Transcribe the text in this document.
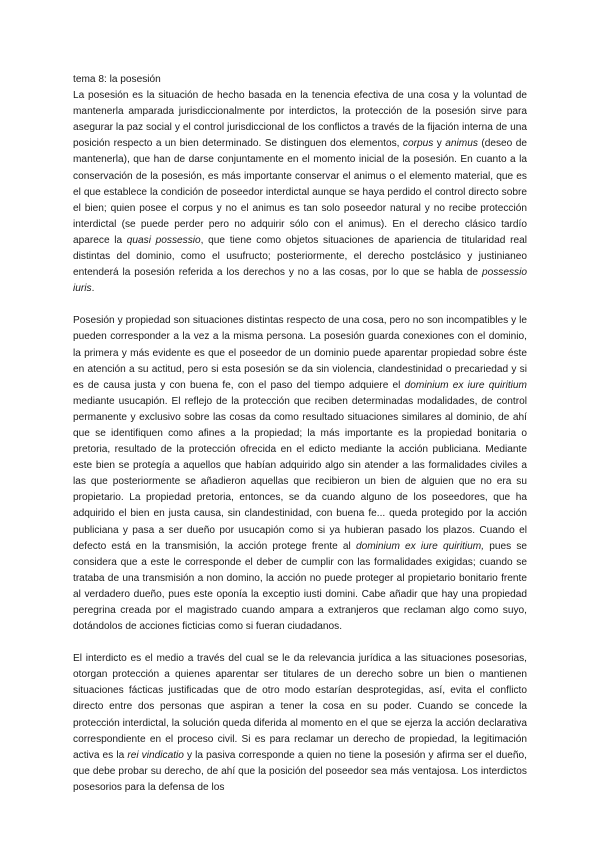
tema 8: la posesión

La posesión es la situación de hecho basada en la tenencia efectiva de una cosa y la voluntad de mantenerla amparada jurisdiccionalmente por interdictos, la protección de la posesión sirve para asegurar la paz social y el control jurisdiccional de los conflictos a través de la fijación interna de una posición respecto a un bien determinado. Se distinguen dos elementos, corpus y animus (deseo de mantenerla), que han de darse conjuntamente en el momento inicial de la posesión. En cuanto a la conservación de la posesión, es más importante conservar el animus o el elemento material, que es el que establece la condición de poseedor interdictal aunque se haya perdido el control directo sobre el bien; quien posee el corpus y no el animus es tan solo poseedor natural y no recibe protección interdictal (se puede perder pero no adquirir sólo con el animus). En el derecho clásico tardío aparece la quasi possessio, que tiene como objetos situaciones de apariencia de titularidad real distintas del dominio, como el usufructo; posteriormente, el derecho postclásico y justinianeo entenderá la posesión referida a los derechos y no a las cosas, por lo que se habla de possessio iuris.

Posesión y propiedad son situaciones distintas respecto de una cosa, pero no son incompatibles y le pueden corresponder a la vez a la misma persona. La posesión guarda conexiones con el dominio, la primera y más evidente es que el poseedor de un dominio puede aparentar propiedad sobre éste en atención a su actitud, pero si esta posesión se da sin violencia, clandestinidad o precariedad y si es de causa justa y con buena fe, con el paso del tiempo adquiere el dominium ex iure quiritium mediante usucapión. El reflejo de la protección que reciben determinadas modalidades, de control permanente y exclusivo sobre las cosas da como resultado situaciones similares al dominio, de ahí que se identifiquen como afines a la propiedad; la más importante es la propiedad bonitaria o pretoria, resultado de la protección ofrecida en el edicto mediante la acción publiciana. Mediante este bien se protegía a aquellos que habían adquirido algo sin atender a las formalidades civiles a las que posteriormente se añadieron aquellas que recibieron un bien de alguien que no era su propietario. La propiedad pretoria, entonces, se da cuando alguno de los poseedores, que ha adquirido el bien en justa causa, sin clandestinidad, con buena fe... queda protegido por la acción publiciana y pasa a ser dueño por usucapión como si ya hubieran pasado los plazos. Cuando el defecto está en la transmisión, la acción protege frente al dominium ex iure quiritium, pues se considera que a este le corresponde el deber de cumplir con las formalidades exigidas; cuando se trataba de una transmisión a non domino, la acción no puede proteger al propietario bonitario frente al verdadero dueño, pues este oponía la exceptio iusti domini. Cabe añadir que hay una propiedad peregrina creada por el magistrado cuando ampara a extranjeros que reclaman algo como suyo, dotándolos de acciones ficticias como si fueran ciudadanos.

El interdicto es el medio a través del cual se le da relevancia jurídica a las situaciones posesorias, otorgan protección a quienes aparentar ser titulares de un derecho sobre un bien o mantienen situaciones fácticas justificadas que de otro modo estarían desprotegidas, así, evita el conflicto directo entre dos personas que aspiran a tener la cosa en su poder. Cuando se concede la protección interdictal, la solución queda diferida al momento en el que se ejerza la acción declarativa correspondiente en el proceso civil. Si es para reclamar un derecho de propiedad, la legitimación activa es la rei vindicatio y la pasiva corresponde a quien no tiene la posesión y afirma ser el dueño, que debe probar su derecho, de ahí que la posición del poseedor sea más ventajosa. Los interdictos posesorios para la defensa de los
